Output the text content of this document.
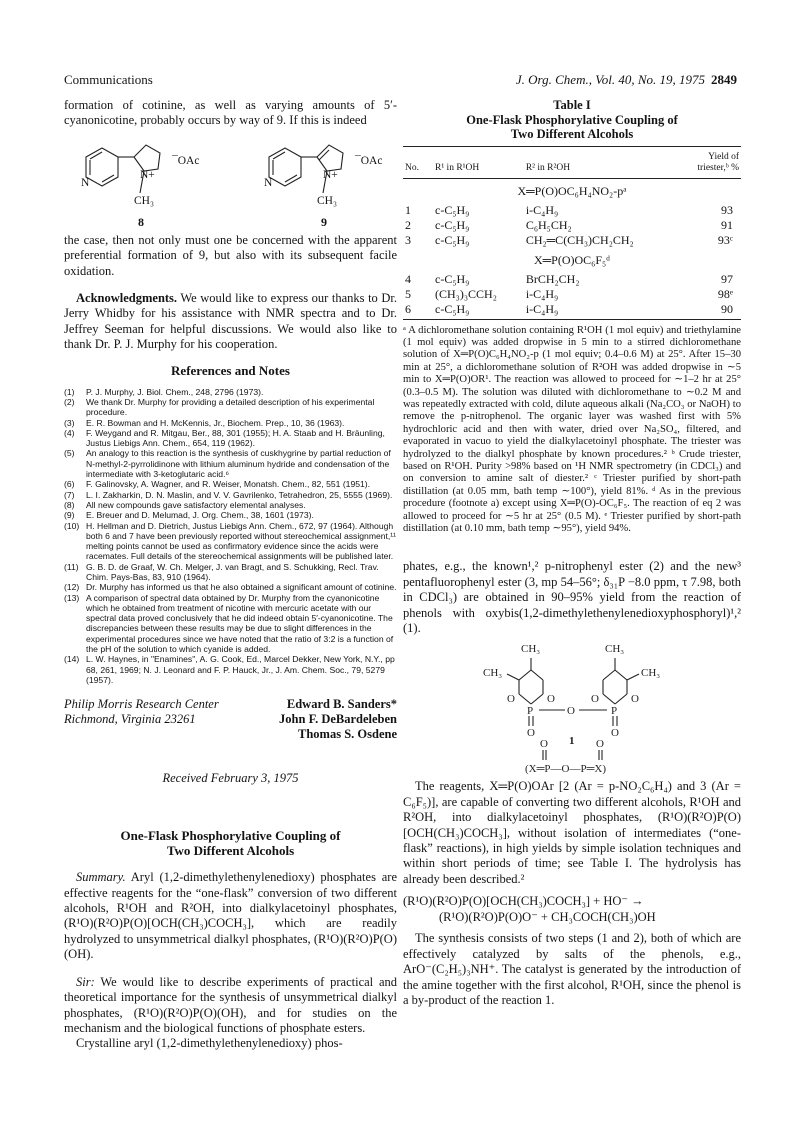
Communications	J. Org. Chem., Vol. 40, No. 19, 1975 2849

formation of cotinine, as well as varying amounts of 5′-cyanonicotine, probably occurs by way of 9. If this is indeed

N
N+
¯OAc
CH₃
8
N
N+
¯OAc
CH₃
9

the case, then not only must one be concerned with the apparent preferential formation of 9, but also with its subsequent facile oxidation.

Acknowledgments. We would like to express our thanks to Dr. Jerry Whidby for his assistance with NMR spectra and to Dr. Jeffrey Seeman for helpful discussions. We would also like to thank Dr. P. J. Murphy for his cooperation.

References and Notes
(1)	P. J. Murphy, J. Biol. Chem., 248, 2796 (1973).
(2)	We thank Dr. Murphy for providing a detailed description of his experimental procedure.
(3)	E. R. Bowman and H. McKennis, Jr., Biochem. Prep., 10, 36 (1963).
(4)	F. Weygand and R. Mitgau, Ber., 88, 301 (1955); H. A. Staab and H. Bräunling, Justus Liebigs Ann. Chem., 654, 119 (1962).
(5)	An analogy to this reaction is the synthesis of cuskhygrine by partial reduction of N-methyl-2-pyrrolidinone with lithium aluminum hydride and condensation of the intermediate with 3-ketoglutaric acid.⁶
(6)	F. Galinovsky, A. Wagner, and R. Weiser, Monatsh. Chem., 82, 551 (1951).
(7)	L. I. Zakharkin, D. N. Maslin, and V. V. Gavrilenko, Tetrahedron, 25, 5555 (1969).
(8)	All new compounds gave satisfactory elemental analyses.
(9)	E. Breuer and D. Melumad, J. Org. Chem., 38, 1601 (1973).
(10) H. Hellman and D. Dietrich, Justus Liebigs Ann. Chem., 672, 97 (1964). Although both 6 and 7 have been previously reported without stereochemical assignment,¹¹ melting points cannot be used as confirmatory evidence since the acids were racemates. Full details of the stereochemical assignments will be published later.
(11) G. B. D. de Graaf, W. Ch. Melger, J. van Bragt, and S. Schukking, Recl. Trav. Chim. Pays-Bas, 83, 910 (1964).
(12) Dr. Murphy has informed us that he also obtained a significant amount of cotinine.
(13) A comparison of spectral data obtained by Dr. Murphy from the cyanonicotine which he obtained from treatment of nicotine with mercuric acetate with our spectral data proved conclusively that he did indeed obtain 5′-cyanonicotine. The discrepancies between these results may be due to slight differences in the experimental procedures since we have noted that the ratio of 3:2 is a function of the pH of the solution to which cyanide is added.
(14) L. W. Haynes, in "Enamines", A. G. Cook, Ed., Marcel Dekker, New York, N.Y., pp 68, 261, 1969; N. J. Leonard and F. P. Hauck, Jr., J. Am. Chem. Soc., 79, 5279 (1957).
Philip Morris Research Center
Richmond, Virginia 23261
Edward B. Sanders*
John F. DeBardeleben
Thomas S. Osdene
Received February 3, 1975
One-Flask Phosphorylative Coupling of
Two Different Alcohols

Summary. Aryl (1,2-dimethylethenylenedioxy) phosphates are effective reagents for the “one-flask” conversion of two different alcohols, R¹OH and R²OH, into dialkylacetoinyl phosphates, (R¹O)(R²O)P(O)[OCH(CH₃)COCH₃], which are readily hydrolyzed to unsymmetrical dialkyl phosphates, (R¹O)(R²O)P(O)(OH).

Sir: We would like to describe experiments of practical and theoretical importance for the synthesis of unsymmetrical dialkyl phosphates, (R¹O)(R²O)P(O)(OH), and for studies on the mechanism and the biological functions of phosphate esters.

Crystalline aryl (1,2-dimethylethenylenedioxy) phos-

Table I
One-Flask Phosphorylative Coupling of
Two Different Alcohols
No.	R¹ in R¹OH	R² in R²OH	Yield of
triester,ᵇ %
X═P(O)OC₆H₄NO₂-pᵃ			
1	c-C₅H₉	i-C₄H₉	93
2	c-C₅H₉	C₆H₅CH₂	91
3	c-C₅H₉	CH₂═C(CH₃)CH₂CH₂	93ᶜ
X═P(O)OC₆F₅ᵈ			
4	c-C₅H₉	BrCH₂CH₂	97
5	(CH₃)₃CCH₂	i-C₄H₉	98ᵉ
6	c-C₅H₉	i-C₄H₉	90
ᵃ A dichloromethane solution containing R¹OH (1 mol equiv) and triethylamine (1 mol equiv) was added dropwise in 5 min to a stirred dichloromethane solution of X═P(O)C₆H₄NO₂-p (1 mol equiv; 0.4–0.6 M) at 25°. After 15–30 min at 25°, a dichloromethane solution of R²OH was added dropwise in ∼5 min to X═P(O)OR¹. The reaction was allowed to proceed for ∼1–2 hr at 25° (0.3–0.5 M). The solution was diluted with dichloromethane to ∼0.2 M and was repeatedly extracted with cold, dilute aqueous alkali (Na₂CO₃ or NaOH) to remove the p-nitrophenol. The organic layer was washed first with 5% hydrochloric acid and then with water, dried over Na₂SO₄, filtered, and evaporated in vacuo to yield the dialkylacetoinyl phosphate. The triester was hydrolyzed to the dialkyl phosphate by known procedures.² ᵇ Crude triester, based on R¹OH. Purity >98% based on ¹H NMR spectrometry (in CDCl₃) and on conversion to amine salt of diester.² ᶜ Triester purified by short-path distillation (at 0.05 mm, bath temp ∼100°), yield 81%. ᵈ As in the previous procedure (footnote a) except using X═P(O)-OC₆F₅. The reaction of eq 2 was allowed to proceed for ∼5 hr at 25° (0.5 M). ᵉ Triester purified by short-path distillation (at 0.10 mm, bath temp ∼95°), yield 94%.

phates, e.g., the known¹,² p-nitrophenyl ester (2) and the new³ pentafluorophenyl ester (3, mp 54–56°; δ₃₁P −8.0 ppm, τ 7.98, both in CDCl₃) are obtained in 90–95% yield from the reaction of phenols with oxybis(1,2-dimethylethenylenedioxyphosphoryl)¹,² (1).

CH₃	CH₃
CH₃	CH₃
O	O	O	O
P	O	P
O	O
O	O
1
(X═P—O—P═X)

The reagents, X═P(O)OAr [2 (Ar = p-NO₂C₆H₄) and 3 (Ar = C₆F₅)], are capable of converting two different alcohols, R¹OH and R²OH, into dialkylacetoinyl phosphates, (R¹O)(R²O)P(O)[OCH(CH₃)COCH₃], without isolation of intermediates (“one-flask” reactions), in high yields by simple isolation techniques and within short periods of time; see Table I. The hydrolysis has already been described.²

(R¹O)(R²O)P(O)[OCH(CH₃)COCH₃] + HO⁻ →
(R¹O)(R²O)P(O)O⁻ + CH₃COCH(CH₃)OH

The synthesis consists of two steps (1 and 2), both of which are effectively catalyzed by salts of the phenols, e.g., ArO⁻(C₂H₅)₃NH⁺. The catalyst is generated by the introduction of the amine together with the first alcohol, R¹OH, since the phenol is a by-product of the reaction 1.
